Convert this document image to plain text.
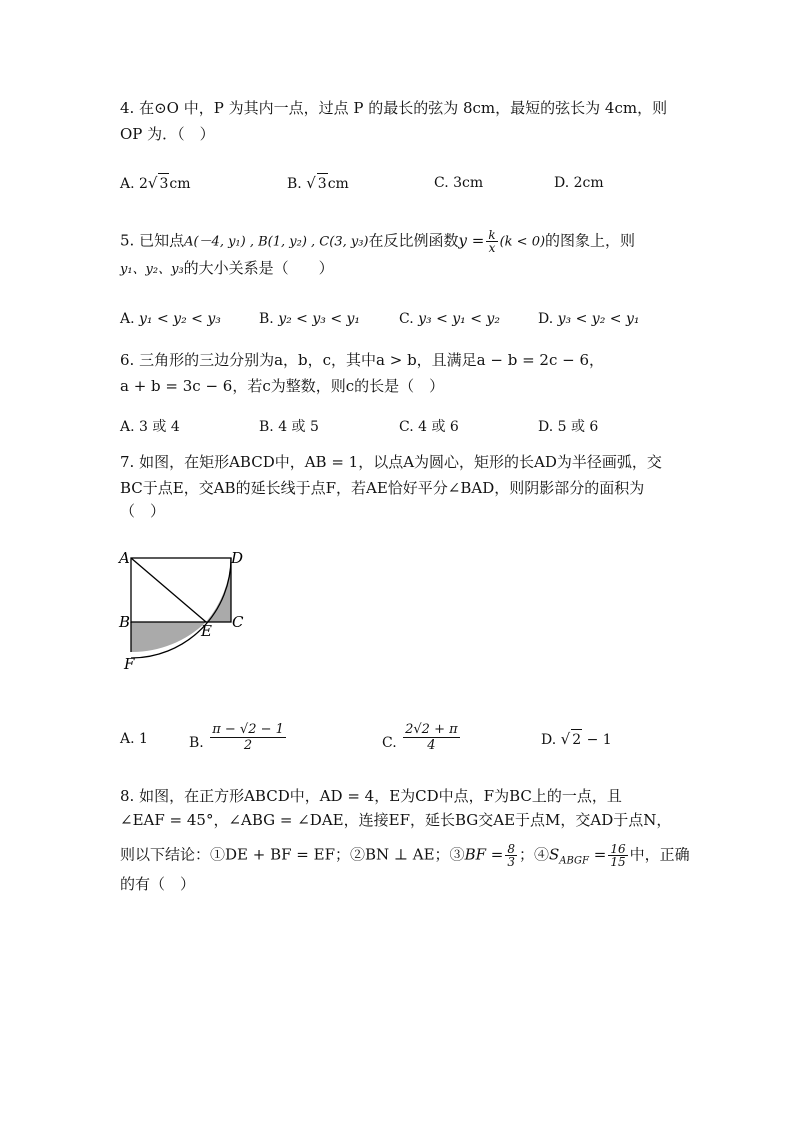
4. 在⊙O 中，P 为其内一点，过点 P 的最长的弦为 8cm，最短的弦长为 4cm，则
OP 为．（　）
A. 2√ 3cm	B. √ 3cm	C. 3cm	D. 2cm
5. 已知点A(－4, y₁) , B(1, y₂) , C(3, y₃)在反比例函数$y = \frac{k}{x} (k < 0)$的图象上，则
y₁、y₂、y₃的大小关系是（　　）
A. y₁ < y₂ < y₃	B. y₂ < y₃ < y₁	C. y₃ < y₁ < y₂	D. y₃ < y₂ < y₁
6. 三角形的三边分别为a，b，c，其中a > b，且满足a − b = 2c − 6，
a + b = 3c − 6，若c为整数，则c的长是（　）
A. 3 或 4	B. 4 或 5	C. 4 或 6	D. 5 或 6
7. 如图，在矩形ABCD中，AB = 1，以点A为圆心，矩形的长AD为半径画弧，交
BC于点E，交AB的延长线于点F，若AE恰好平分∠BAD，则阴影部分的面积为
（　）
A	D
B	E C
F
A. 1	B. $\frac{\pi - √2 - 1}{2}$	C. $\frac{2√2 + \pi}{4}$	D. √ 2 − 1
8. 如图，在正方形ABCD中，AD = 4，E为CD中点，F为BC上的一点，且
∠EAF = 45°，∠ABG = ∠DAE，连接EF，延长BG交AE于点M，交AD于点N，
则以下结论：①DE + BF = EF；②BN ⊥ AE；③BF = $\frac{8}{3}$ ；$④S_{ABGF} = \frac{16}{15}$ 中，正确
的有（　）
